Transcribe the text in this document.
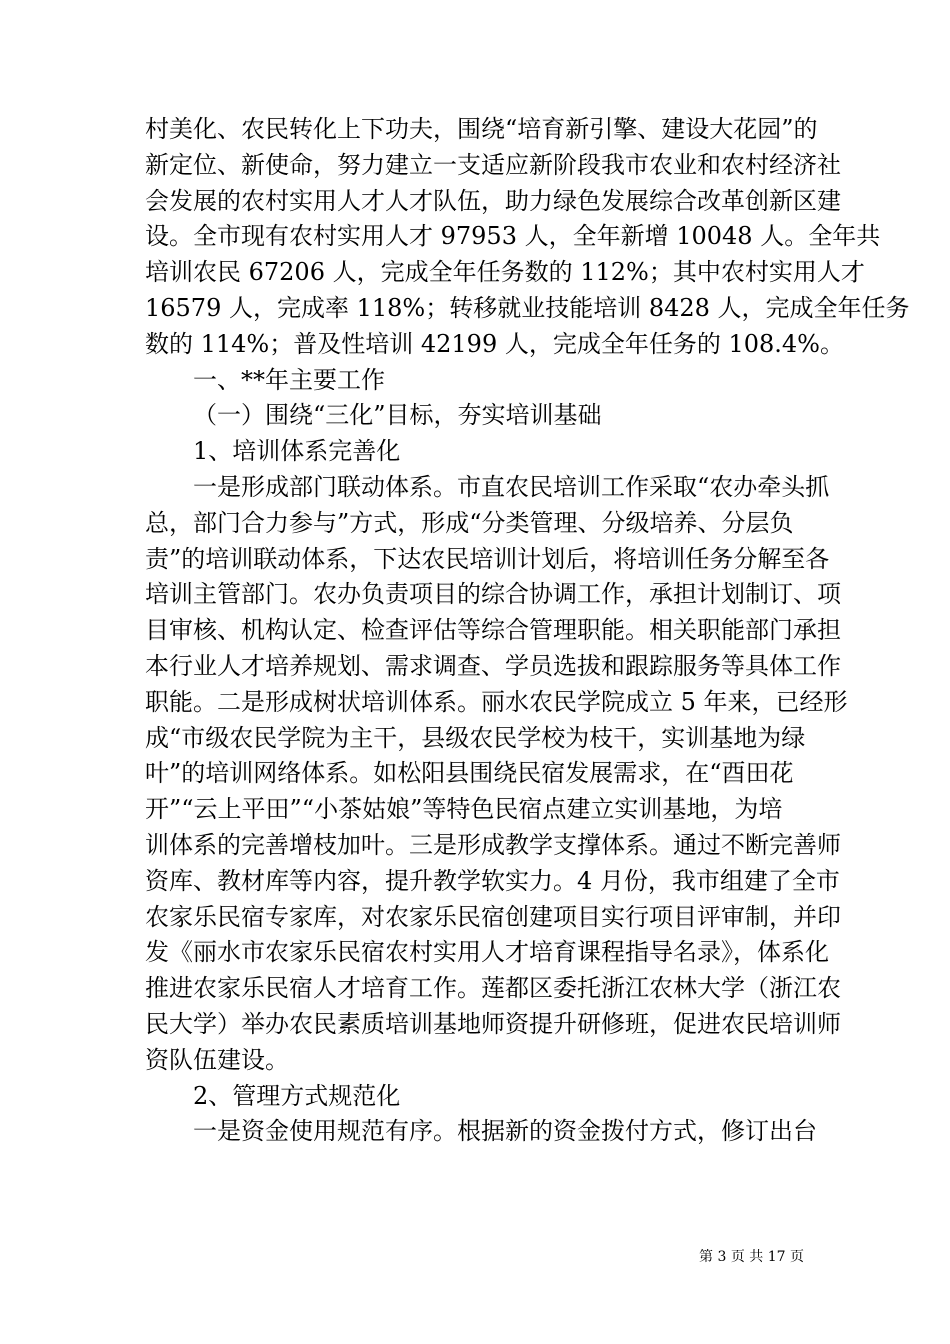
村美化、农民转化上下功夫，围绕“培育新引擎、建设大花园”的
新定位、新使命，努力建立一支适应新阶段我市农业和农村经济社
会发展的农村实用人才人才队伍，助力绿色发展综合改革创新区建
设。全市现有农村实用人才 97953 人，全年新增 10048 人。全年共
培训农民 67206 人，完成全年任务数的 112%；其中农村实用人才
16579 人，完成率 118%；转移就业技能培训 8428 人，完成全年任务
数的 114%；普及性培训 42199 人，完成全年任务的 108.4%。
一、**年主要工作
（一）围绕“三化”目标，夯实培训基础
1、培训体系完善化
一是形成部门联动体系。市直农民培训工作采取“农办牵头抓
总，部门合力参与”方式，形成“分类管理、分级培养、分层负
责”的培训联动体系，下达农民培训计划后，将培训任务分解至各
培训主管部门。农办负责项目的综合协调工作，承担计划制订、项
目审核、机构认定、检查评估等综合管理职能。相关职能部门承担
本行业人才培养规划、需求调查、学员选拔和跟踪服务等具体工作
职能。二是形成树状培训体系。丽水农民学院成立 5 年来，已经形
成“市级农民学院为主干，县级农民学校为枝干，实训基地为绿
叶”的培训网络体系。如松阳县围绕民宿发展需求，在“酉田花
开”“云上平田”“小茶姑娘”等特色民宿点建立实训基地，为培
训体系的完善增枝加叶。三是形成教学支撑体系。通过不断完善师
资库、教材库等内容，提升教学软实力。4 月份，我市组建了全市
农家乐民宿专家库，对农家乐民宿创建项目实行项目评审制，并印
发《丽水市农家乐民宿农村实用人才培育课程指导名录》，体系化
推进农家乐民宿人才培育工作。莲都区委托浙江农林大学（浙江农
民大学）举办农民素质培训基地师资提升研修班，促进农民培训师
资队伍建设。
2、管理方式规范化
一是资金使用规范有序。根据新的资金拨付方式，修订出台
第 3 页 共 17 页
